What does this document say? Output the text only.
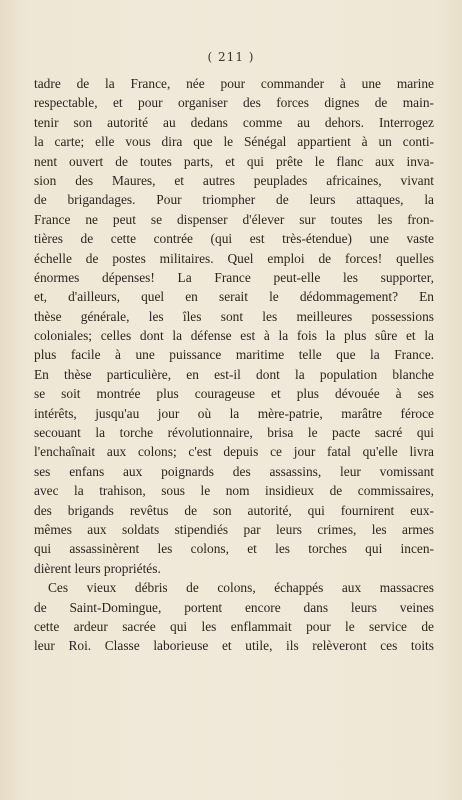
( 211 )
tadre de la France, née pour commander à une marine
respectable, et pour organiser des forces dignes de main-
tenir son autorité au dedans comme au dehors. Interrogez
la carte; elle vous dira que le Sénégal appartient à un conti-
nent ouvert de toutes parts, et qui prête le flanc aux inva-
sion des Maures, et autres peuplades africaines, vivant
de brigandages. Pour triompher de leurs attaques, la
France ne peut se dispenser d'élever sur toutes les fron-
tières de cette contrée (qui est très-étendue) une vaste
échelle de postes militaires. Quel emploi de forces! quelles
énormes dépenses! La France peut-elle les supporter,
et, d'ailleurs, quel en serait le dédommagement? En
thèse générale, les îles sont les meilleures possessions
coloniales; celles dont la défense est à la fois la plus sûre et la
plus facile à une puissance maritime telle que la France.
En thèse particulière, en est-il dont la population blanche
se soit montrée plus courageuse et plus dévouée à ses
intérêts, jusqu'au jour où la mère-patrie, marâtre féroce
secouant la torche révolutionnaire, brisa le pacte sacré qui
l'enchaînait aux colons; c'est depuis ce jour fatal qu'elle livra
ses enfans aux poignards des assassins, leur vomissant
avec la trahison, sous le nom insidieux de commissaires,
des brigands revêtus de son autorité, qui fournirent eux-
mêmes aux soldats stipendiés par leurs crimes, les armes
qui assassinèrent les colons, et les torches qui incen-
dièrent leurs propriétés.
Ces vieux débris de colons, échappés aux massacres
de Saint-Domingue, portent encore dans leurs veines
cette ardeur sacrée qui les enflammait pour le service de
leur Roi. Classe laborieuse et utile, ils relèveront ces toits
